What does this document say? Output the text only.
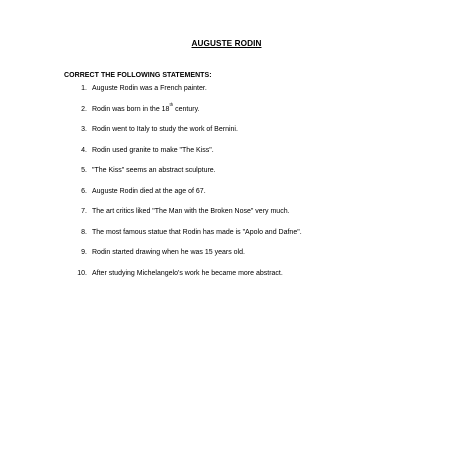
AUGUSTE RODIN
CORRECT THE FOLLOWING STATEMENTS:
1. Auguste Rodin was a French painter.
2. Rodin was born in the 18th century.
3. Rodin went to Italy to study the work of Bernini.
4. Rodin used granite to make "The Kiss".
5. "The Kiss" seems an abstract sculpture.
6. Auguste Rodin died at the age of 67.
7. The art critics liked "The Man with the Broken Nose" very much.
8. The most famous statue that Rodin has made is "Apolo and Dafne".
9. Rodin started drawing when he was 15 years old.
10. After studying Michelangelo's work he became more abstract.
